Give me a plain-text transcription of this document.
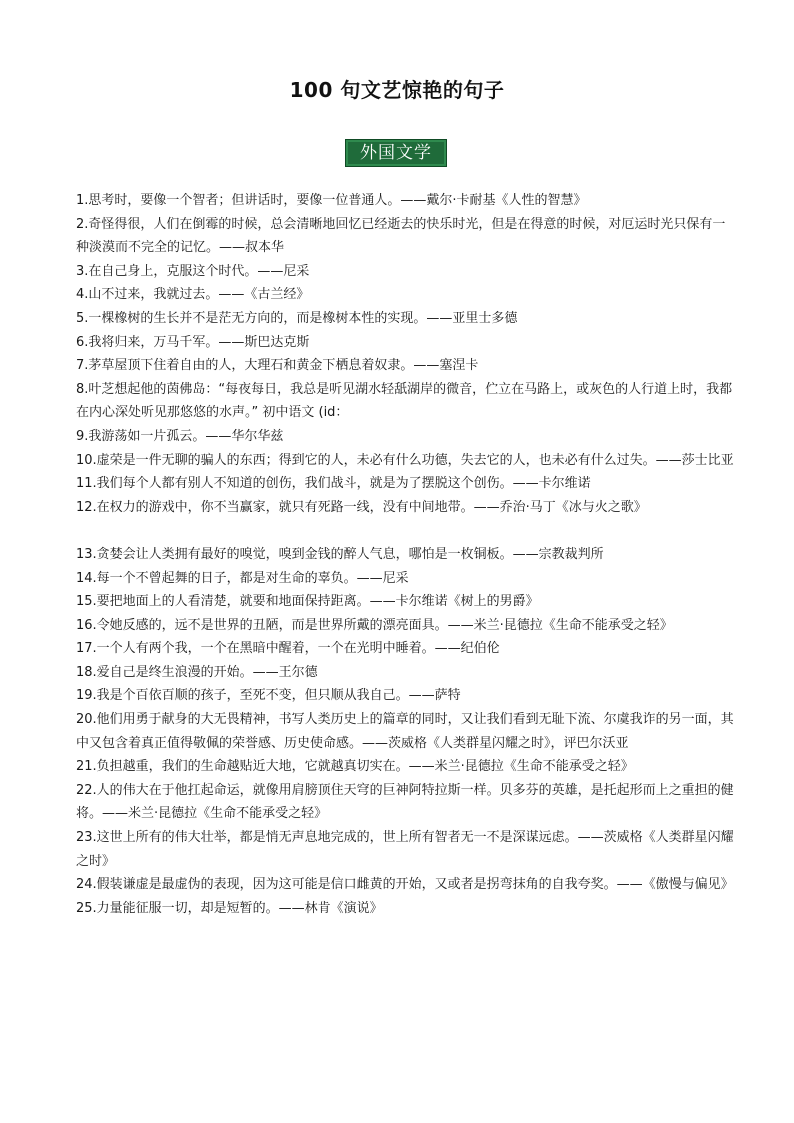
100 句文艺惊艳的句子
外国文学
1.思考时，要像一个智者；但讲话时，要像一位普通人。——戴尔·卡耐基《人性的智慧》
2.奇怪得很，人们在倒霉的时候，总会清晰地回忆已经逝去的快乐时光，但是在得意的时候，对厄运时光只保有一种淡漠而不完全的记忆。——叔本华
3.在自己身上，克服这个时代。——尼采
4.山不过来，我就过去。——《古兰经》
5.一棵橡树的生长并不是茫无方向的，而是橡树本性的实现。——亚里士多德
6.我将归来，万马千军。——斯巴达克斯
7.茅草屋顶下住着自由的人，大理石和黄金下栖息着奴隶。——塞涅卡
8.叶芝想起他的茵佛岛：“每夜每日，我总是听见湖水轻舐湖岸的微音，伫立在马路上，或灰色的人行道上时，我都在内心深处听见那悠悠的水声。” 初中语文 (id：
9.我游荡如一片孤云。——华尔华兹
10.虚荣是一件无聊的骗人的东西；得到它的人，未必有什么功德，失去它的人，也未必有什么过失。——莎士比亚
11.我们每个人都有别人不知道的创伤，我们战斗，就是为了摆脱这个创伤。——卡尔维诺
12.在权力的游戏中，你不当赢家，就只有死路一线，没有中间地带。——乔治·马丁《冰与火之歌》
13.贪婪会让人类拥有最好的嗅觉，嗅到金钱的醉人气息，哪怕是一枚铜板。——宗教裁判所
14.每一个不曾起舞的日子，都是对生命的辜负。——尼采
15.要把地面上的人看清楚，就要和地面保持距离。——卡尔维诺《树上的男爵》
16.令她反感的，远不是世界的丑陋，而是世界所戴的漂亮面具。——米兰·昆德拉《生命不能承受之轻》
17.一个人有两个我，一个在黑暗中醒着，一个在光明中睡着。——纪伯伦
18.爱自己是终生浪漫的开始。——王尔德
19.我是个百依百顺的孩子，至死不变，但只顺从我自己。——萨特
20.他们用勇于献身的大无畏精神，书写人类历史上的篇章的同时，又让我们看到无耻下流、尔虞我诈的另一面，其中又包含着真正值得敬佩的荣誉感、历史使命感。——茨威格《人类群星闪耀之时》，评巴尔沃亚
21.负担越重，我们的生命越贴近大地，它就越真切实在。——米兰·昆德拉《生命不能承受之轻》
22.人的伟大在于他扛起命运，就像用肩膀顶住天穹的巨神阿特拉斯一样。贝多芬的英雄，是托起形而上之重担的健将。——米兰·昆德拉《生命不能承受之轻》
23.这世上所有的伟大壮举，都是悄无声息地完成的，世上所有智者无一不是深谋远虑。——茨威格《人类群星闪耀之时》
24.假装谦虚是最虚伪的表现，因为这可能是信口雌黄的开始，又或者是拐弯抹角的自我夸奖。——《傲慢与偏见》
25.力量能征服一切，却是短暂的。——林肯《演说》
